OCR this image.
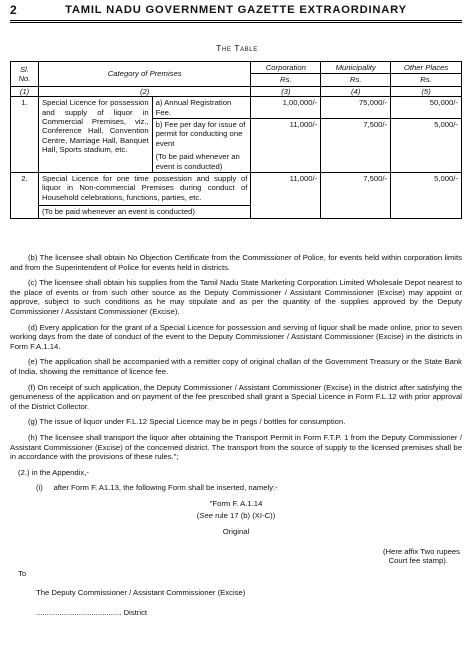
2	TAMIL NADU GOVERNMENT GAZETTE EXTRAORDINARY
The Table
Sl. No.	Category of Premises		Corporation	Municipality	Other Places
			Rs.	Rs.	Rs.
(1)	(2)		(3)	(4)	(5)
1.	Special Licence for possession and supply of liquor in Commercial Premises, viz., Conference Hall, Convention Centre, Marriage Hall, Banquet Hall, Sports stadium, etc.	a) Annual Registration Fee.	1,00,000/-	75,000/-	50,000/-

		b) Fee per day for issue of permit for conducting one event
(To be paid whenever an event is conducted)	11,000/-	7,500/-	5,000/-
2.	Special Licence for one time possession and supply of liquor in Non-commercial Premises during conduct of Household celebrations, functions, parties, etc.
(To be paid whenever an event is conducted)		11,000/-	7,500/-	5,000/-

(b) The licensee shall obtain No Objection Certificate from the Commissioner of Police, for events held within corporation limits and from the Superintendent of Police for events held in districts.

(c) The licensee shall obtain his supplies from the Tamil Nadu State Marketing Corporation Limited Wholesale Depot nearest to the place of events or from such other source as the Deputy Commissioner / Assistant Commissioner (Excise) may appoint or approve, subject to such conditions as he may stipulate and as per the quantity of the supplies approved by the Deputy Commissioner / Assistant Commissioner (Excise).

(d) Every application for the grant of a Special Licence for possession and serving of liquor shall be made online, prior to seven working days from the date of conduct of the event to the Deputy Commissioner / Assistant Commissioner (Excise) in the districts in Form F.A.1.14.

(e) The application shall be accompanied with a remitter copy of original challan of the Government Treasury or the State Bank of India, showing the remittance of licence fee.

(f) On receipt of such application, the Deputy Commissioner / Assistant Commissioner (Excise) in the district after satisfying the genuineness of the application and on payment of the fee prescribed shall grant a Special Licence in Form F.L.12 with prior approval of the District Collector.

(g) The issue of liquor under F.L.12 Special Licence may be in pegs / bottles for consumption.

(h) The licensee shall transport the liquor after obtaining the Transport Permit in Form F.T.P. 1 from the Deputy Commissioner / Assistant Commissioner (Excise) of the concerned district. The transport from the source of supply to the licensed premises shall be in accordance with the provisions of these rules.";

(2.) in the Appendix,-

(i)     after Form F. A1.13, the following Form shall be inserted, namely:-

"Form F. A.1.14
(See rule 17 (b) (XI-C))
Original
(Here affix Two rupees
Court fee stamp).
To
The Deputy Commissioner / Assistant Commissioner (Excise)
........................................ District
